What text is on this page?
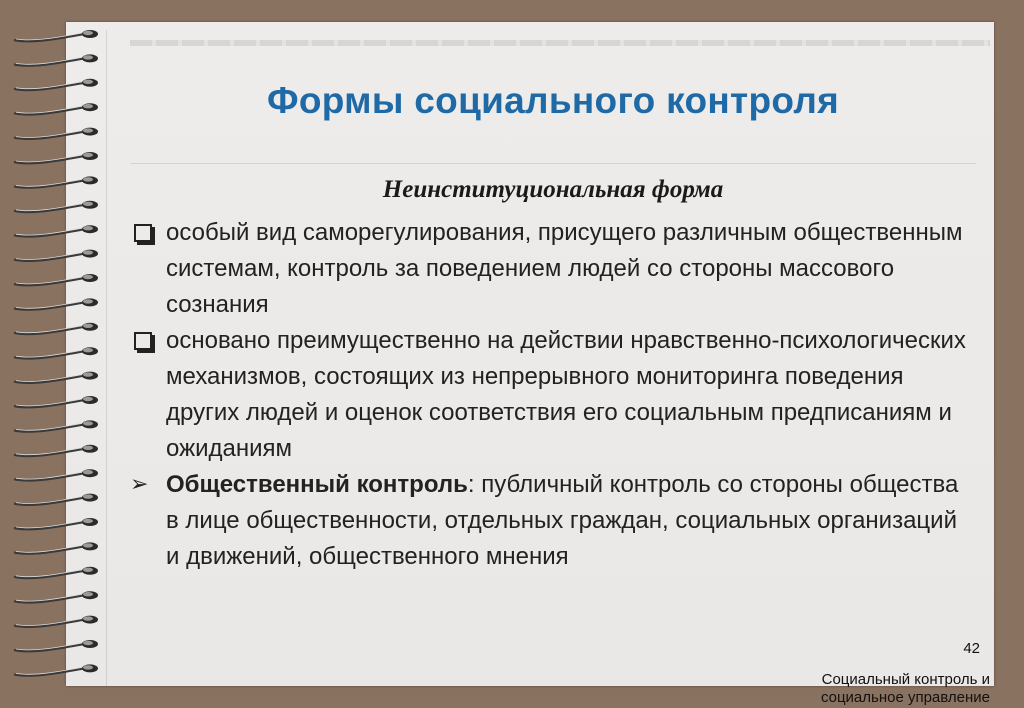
Формы социального контроля
Неинституциональная форма
особый вид саморегулирования, присущего различным общественным системам, контроль за поведением людей со стороны массового сознания
основано преимущественно на действии нравственно-психологических механизмов, состоящих из непрерывного мониторинга поведения других людей и оценок соответствия его социальным предписаниям и ожиданиям
➢ Общественный контроль: публичный контроль со стороны общества в лице общественности, отдельных граждан, социальных организаций и движений, общественного мнения
42
Социальный контроль и
социальное управление
